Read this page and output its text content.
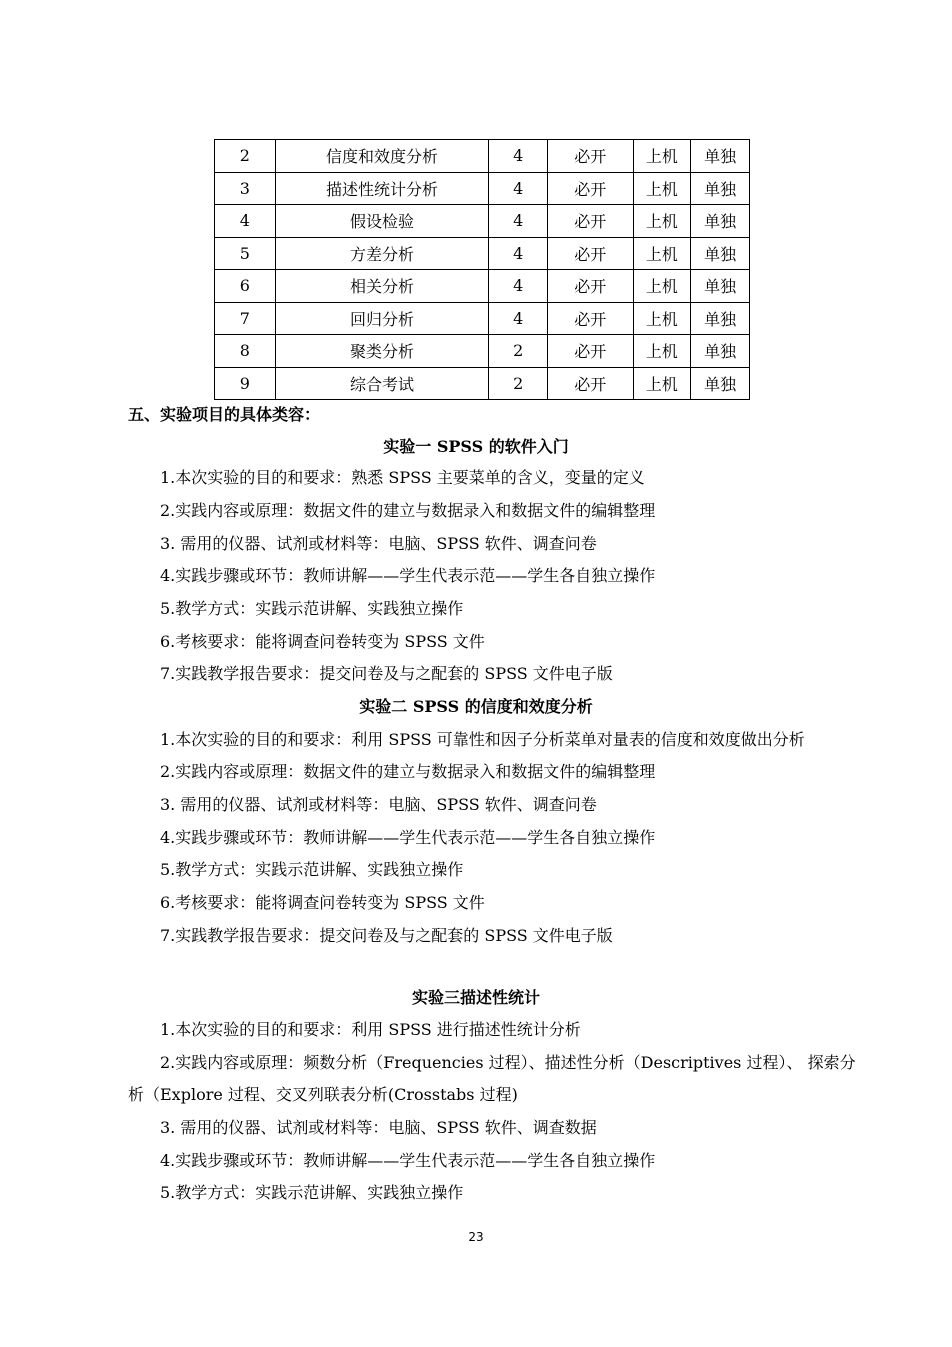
2	信度和效度分析	4	必开	上机	单独
3	描述性统计分析	4	必开	上机	单独
4	假设检验	4	必开	上机	单独
5	方差分析	4	必开	上机	单独
6	相关分析	4	必开	上机	单独
7	回归分析	4	必开	上机	单独
8	聚类分析	2	必开	上机	单独
9	综合考试	2	必开	上机	单独
五、实验项目的具体类容：
实验一 SPSS 的软件入门
1.本次实验的目的和要求：熟悉 SPSS 主要菜单的含义，变量的定义
2.实践内容或原理：数据文件的建立与数据录入和数据文件的编辑整理
3. 需用的仪器、试剂或材料等：电脑、SPSS 软件、调查问卷
4.实践步骤或环节：教师讲解——学生代表示范——学生各自独立操作
5.教学方式：实践示范讲解、实践独立操作
6.考核要求：能将调查问卷转变为 SPSS 文件
7.实践教学报告要求：提交问卷及与之配套的 SPSS 文件电子版
实验二 SPSS 的信度和效度分析
1.本次实验的目的和要求：利用 SPSS 可靠性和因子分析菜单对量表的信度和效度做出分析
2.实践内容或原理：数据文件的建立与数据录入和数据文件的编辑整理
3. 需用的仪器、试剂或材料等：电脑、SPSS 软件、调查问卷
4.实践步骤或环节：教师讲解——学生代表示范——学生各自独立操作
5.教学方式：实践示范讲解、实践独立操作
6.考核要求：能将调查问卷转变为 SPSS 文件
7.实践教学报告要求：提交问卷及与之配套的 SPSS 文件电子版
实验三描述性统计
1.本次实验的目的和要求：利用 SPSS 进行描述性统计分析
2.实践内容或原理：频数分析（Frequencies 过程）、描述性分析（Descriptives 过程）、 探索分
析（Explore 过程、交叉列联表分析(Crosstabs 过程)
3. 需用的仪器、试剂或材料等：电脑、SPSS 软件、调查数据
4.实践步骤或环节：教师讲解——学生代表示范——学生各自独立操作
5.教学方式：实践示范讲解、实践独立操作
23
